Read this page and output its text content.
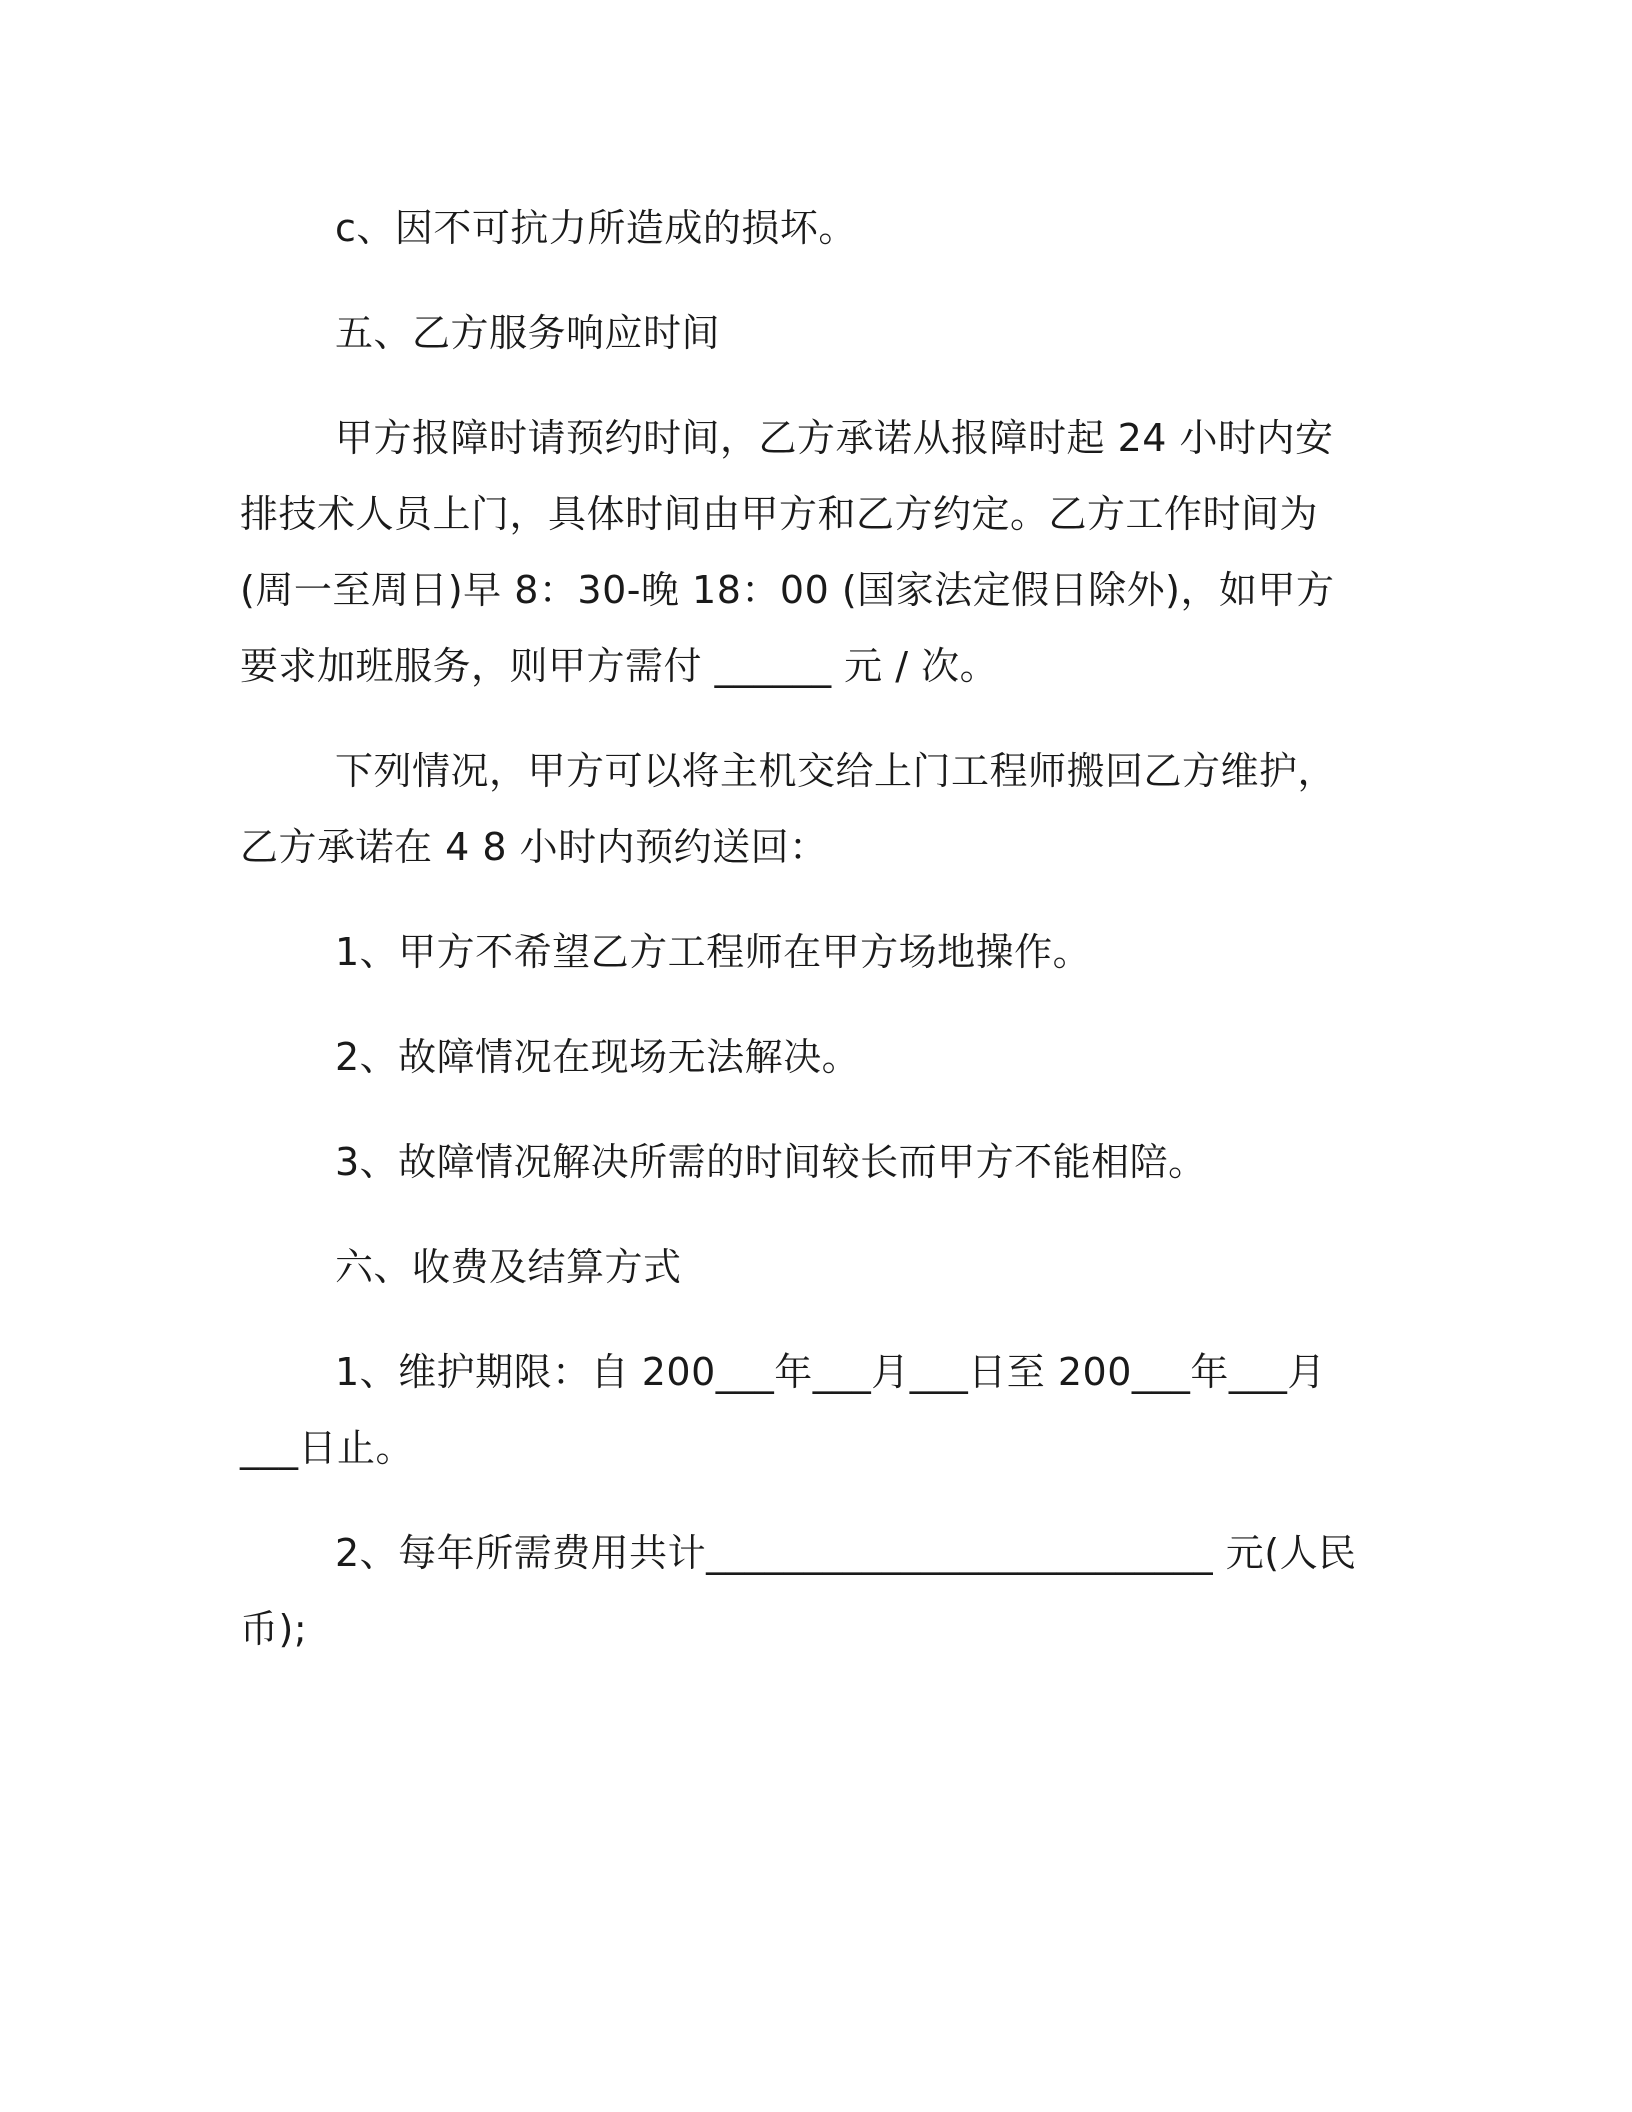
c、因不可抗力所造成的损坏。

五、乙方服务响应时间

甲方报障时请预约时间，乙方承诺从报障时起 24 小时内安排技术人员上门，具体时间由甲方和乙方约定。乙方工作时间为(周一至周日)早 8：30-晚 18：00 (国家法定假日除外)，如甲方要求加班服务，则甲方需付 ______ 元 / 次。

下列情况，甲方可以将主机交给上门工程师搬回乙方维护，乙方承诺在 4 8 小时内预约送回：

1、甲方不希望乙方工程师在甲方场地操作。

2、故障情况在现场无法解决。

3、故障情况解决所需的时间较长而甲方不能相陪。

六、收费及结算方式

1、维护期限：自 200___年___月___日至 200___年___月___日止。

2、每年所需费用共计__________________________ 元(人民币);
